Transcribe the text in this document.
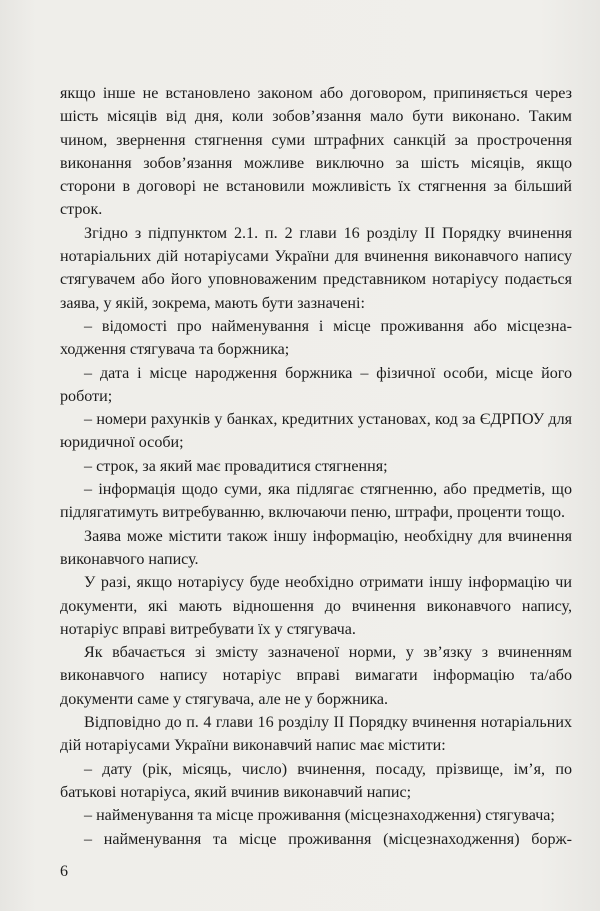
якщо інше не встановлено законом або договором, припиняється через шість місяців від дня, коли зобов’язання мало бути виконано. Таким чином, звернення стягнення суми штрафних санкцій за прострочення виконання зобов’язання можливе виключно за шість місяців, якщо сторони в договорі не встановили можливість їх стягнення за більший строк.

Згідно з підпунктом 2.1. п. 2 глави 16 розділу II Порядку вчинення нотаріальних дій нотаріусами України для вчинення виконавчого напису стягувачем або його уповноваженим представником нотаріусу подається заява, у якій, зокрема, мають бути зазначені:

– відомості про найменування і місце проживання або місцезнаходження стягувача та боржника;

– дата і місце народження боржника – фізичної особи, місце його роботи;

– номери рахунків у банках, кредитних установах, код за ЄДРПОУ для юридичної особи;

– строк, за який має провадитися стягнення;

– інформація щодо суми, яка підлягає стягненню, або предметів, що підлягатимуть витребуванню, включаючи пеню, штрафи, проценти тощо.

Заява може містити також іншу інформацію, необхідну для вчинення виконавчого напису.

У разі, якщо нотаріусу буде необхідно отримати іншу інформацію чи документи, які мають відношення до вчинення виконавчого напису, нотаріус вправі витребувати їх у стягувача.

Як вбачається зі змісту зазначеної норми, у зв’язку з вчиненням виконавчого напису нотаріус вправі вимагати інформацію та/або документи саме у стягувача, але не у боржника.

Відповідно до п. 4 глави 16 розділу II Порядку вчинення нотаріальних дій нотаріусами України виконавчий напис має містити:

– дату (рік, місяць, число) вчинення, посаду, прізвище, ім’я, по батькові нотаріуса, який вчинив виконавчий напис;

– найменування та місце проживання (місцезнаходження) стягувача;

– найменування та місце проживання (місцезнаходження) борж-

6
